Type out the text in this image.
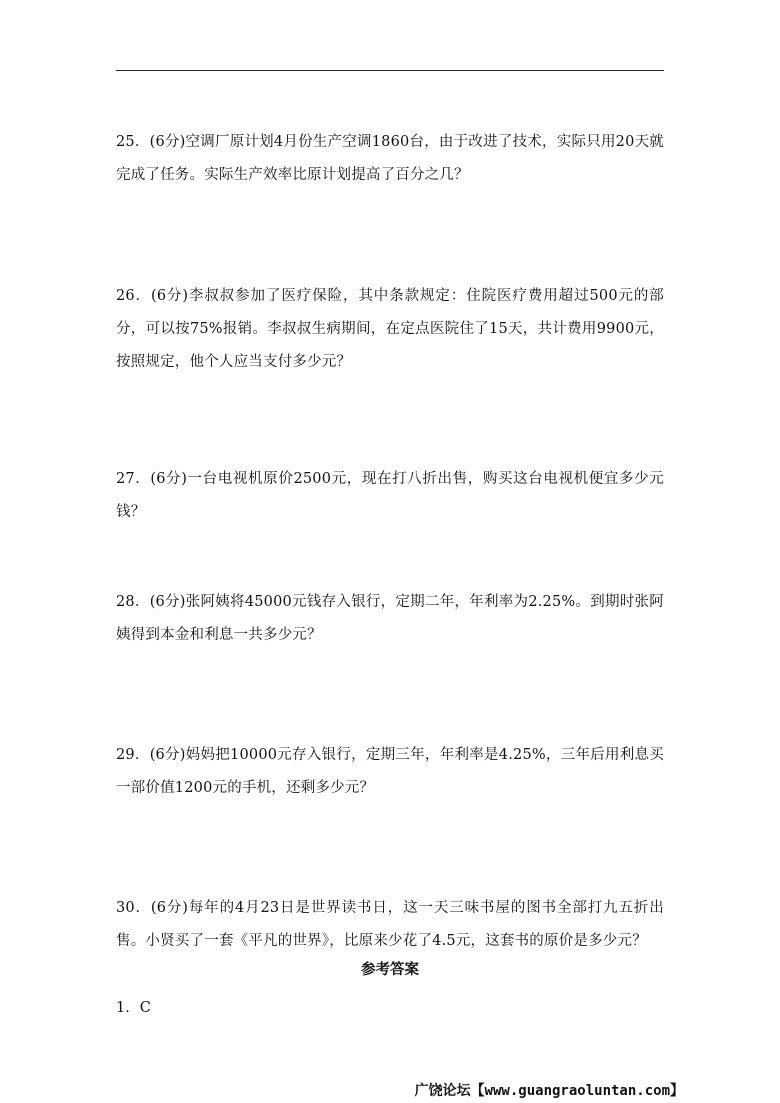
25．(6分)空调厂原计划4月份生产空调1860台，由于改进了技术，实际只用20天就完成了任务。实际生产效率比原计划提高了百分之几？

26．(6分)李叔叔参加了医疗保险，其中条款规定：住院医疗费用超过500元的部分，可以按75%报销。李叔叔生病期间，在定点医院住了15天，共计费用9900元，按照规定，他个人应当支付多少元？

27．(6分)一台电视机原价2500元，现在打八折出售，购买这台电视机便宜多少元钱？

28．(6分)张阿姨将45000元钱存入银行，定期二年，年利率为2.25%。到期时张阿姨得到本金和利息一共多少元？

29．(6分)妈妈把10000元存入银行，定期三年，年利率是4.25%，三年后用利息买一部价值1200元的手机，还剩多少元？

30．(6分)每年的4月23日是世界读书日，这一天三味书屋的图书全部打九五折出售。小贤买了一套《平凡的世界》，比原来少花了4.5元，这套书的原价是多少元？

参考答案
1．C
广饶论坛【www.guangraoluntan.com】
